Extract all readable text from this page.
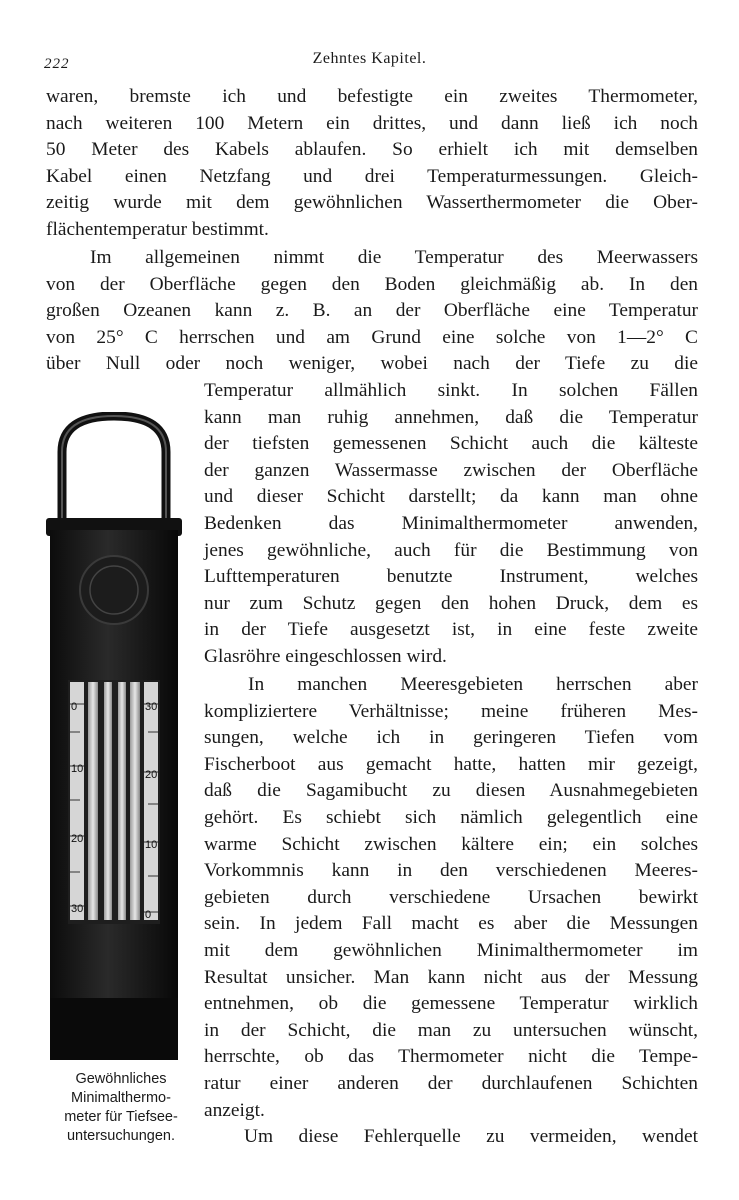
222	Zehntes Kapitel.

waren, bremste ich und befestigte ein zweites Thermometer,
nach weiteren 100 Metern ein drittes, und dann ließ ich noch
50 Meter des Kabels ablaufen. So erhielt ich mit demselben
Kabel einen Netzfang und drei Temperaturmessungen. Gleich-
zeitig wurde mit dem gewöhnlichen Wasserthermometer die Ober-
flächentemperatur bestimmt.

Im allgemeinen nimmt die Temperatur des Meerwassers
von der Oberfläche gegen den Boden gleichmäßig ab. In den
großen Ozeanen kann z. B. an der Oberfläche eine Temperatur
von 25° C herrschen und am Grund eine solche von 1—2° C
über Null oder noch weniger, wobei nach der Tiefe zu die

Temperatur allmählich sinkt. In solchen Fällen
kann man ruhig annehmen, daß die Temperatur
der tiefsten gemessenen Schicht auch die kälteste
der ganzen Wassermasse zwischen der Oberfläche
und dieser Schicht darstellt; da kann man ohne
Bedenken das Minimalthermometer anwenden,
jenes gewöhnliche, auch für die Bestimmung von
Lufttemperaturen benutzte Instrument, welches
nur zum Schutz gegen den hohen Druck, dem es
in der Tiefe ausgesetzt ist, in eine feste zweite
Glasröhre eingeschlossen wird.

In manchen Meeresgebieten herrschen aber
kompliziertere Verhältnisse; meine früheren Mes-
sungen, welche ich in geringeren Tiefen vom
Fischerboot aus gemacht hatte, hatten mir gezeigt,
daß die Sagamibucht zu diesen Ausnahmegebieten
gehört. Es schiebt sich nämlich gelegentlich eine
warme Schicht zwischen kältere ein; ein solches
Vorkommnis kann in den verschiedenen Meeres-
gebieten durch verschiedene Ursachen bewirkt
sein. In jedem Fall macht es aber die Messungen
mit dem gewöhnlichen Minimalthermometer im
Resultat unsicher. Man kann nicht aus der Messung
entnehmen, ob die gemessene Temperatur wirklich
in der Schicht, die man zu untersuchen wünscht,
herrschte, ob das Thermometer nicht die Tempe-
ratur einer anderen der durchlaufenen Schichten
anzeigt.

Um diese Fehlerquelle zu vermeiden, wendet

0
10
20
30
30
20
10
0
Gewöhnliches
Minimalthermo-
meter für Tiefsee-
untersuchungen.
